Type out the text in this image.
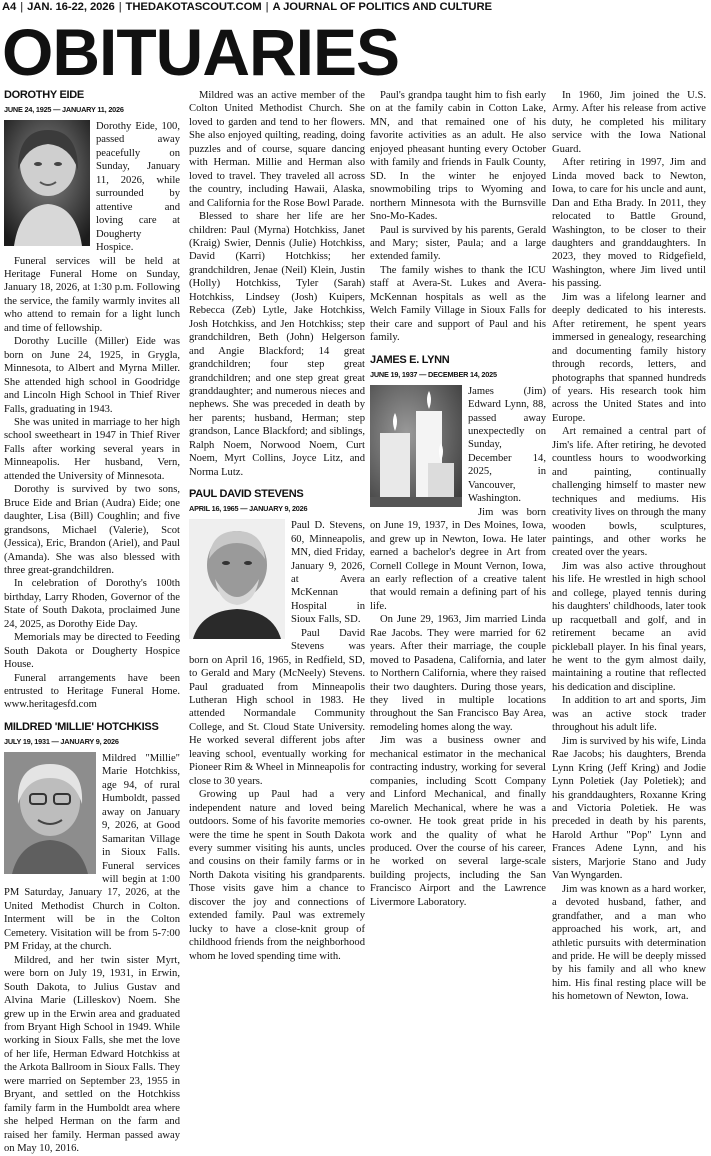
A4 | JAN. 16-22, 2026 | THEDAKOTASCOUT.COM | A JOURNAL OF POLITICS AND CULTURE
OBITUARIES
DOROTHY EIDE
JUNE 24, 1925 — JANUARY 11, 2026

Dorothy Eide, 100, passed away peacefully on Sunday, January 11, 2026, while surrounded by attentive and loving care at Dougherty Hospice.

Funeral services will be held at Heritage Funeral Home on Sunday, January 18, 2026, at 1:30 p.m. Following the service, the family warmly invites all who attend to remain for a light lunch and time of fellowship.

Dorothy Lucille (Miller) Eide was born on June 24, 1925, in Grygla, Minnesota, to Albert and Myrna Miller. She attended high school in Goodridge and Lincoln High School in Thief River Falls, graduating in 1943.

She was united in marriage to her high school sweetheart in 1947 in Thief River Falls after working several years in Minneapolis. Her husband, Vern, attended the University of Minnesota.

Dorothy is survived by two sons, Bruce Eide and Brian (Audra) Eide; one daughter, Lisa (Bill) Coughlin; and five grandsons, Michael (Valerie), Scot (Jessica), Eric, Brandon (Ariel), and Paul (Amanda). She was also blessed with three great-grandchildren.

In celebration of Dorothy's 100th birthday, Larry Rhoden, Governor of the State of South Dakota, proclaimed June 24, 2025, as Dorothy Eide Day.

Memorials may be directed to Feeding South Dakota or Dougherty Hospice House.

Funeral arrangements have been entrusted to Heritage Funeral Home. www.heritagesfd.com

MILDRED 'MILLIE' HOTCHKISS
JULY 19, 1931 — JANUARY 9, 2026

Mildred "Millie" Marie Hotchkiss, age 94, of rural Humboldt, passed away on January 9, 2026, at Good Samaritan Village in Sioux Falls. Funeral services will begin at 1:00 PM Saturday, January 17, 2026, at the United Methodist Church in Colton. Interment will be in the Colton Cemetery. Visitation will be from 5-7:00 PM Friday, at the church.

Mildred, and her twin sister Myrt, were born on July 19, 1931, in Erwin, South Dakota, to Julius Gustav and Alvina Marie (Lilleskov) Noem. She grew up in the Erwin area and graduated from Bryant High School in 1949. While working in Sioux Falls, she met the love of her life, Herman Edward Hotchkiss at the Arkota Ballroom in Sioux Falls. They were married on September 23, 1955 in Bryant, and settled on the Hotchkiss family farm in the Humboldt area where she helped Herman on the farm and raised her family. Herman passed away on May 10, 2016.

Mildred was an active member of the Colton United Methodist Church. She loved to garden and tend to her flowers. She also enjoyed quilting, reading, doing puzzles and of course, square dancing with Herman. Millie and Herman also loved to travel. They traveled all across the country, including Hawaii, Alaska, and California for the Rose Bowl Parade.

Blessed to share her life are her children: Paul (Myrna) Hotchkiss, Janet (Kraig) Swier, Dennis (Julie) Hotchkiss, David (Karri) Hotchkiss; her grandchildren, Jenae (Neil) Klein, Justin (Holly) Hotchkiss, Tyler (Sarah) Hotchkiss, Lindsey (Josh) Kuipers, Rebecca (Zeb) Lytle, Jake Hotchkiss, Josh Hotchkiss, and Jen Hotchkiss; step grandchildren, Beth (John) Helgerson and Angie Blackford; 14 great grandchildren; four step great grandchildren; and one step great great granddaughter; and numerous nieces and nephews. She was preceded in death by her parents; husband, Herman; step grandson, Lance Blackford; and siblings, Ralph Noem, Norwood Noem, Curt Noem, Myrt Collins, Joyce Litz, and Norma Lutz.

PAUL DAVID STEVENS
APRIL 16, 1965 — JANUARY 9, 2026

Paul D. Stevens, 60, Minneapolis, MN, died Friday, January 9, 2026, at Avera McKennan Hospital in Sioux Falls, SD.

Paul David Stevens was born on April 16, 1965, in Redfield, SD, to Gerald and Mary (McNeely) Stevens. Paul graduated from Minneapolis Lutheran High school in 1983. He attended Normandale Community College, and St. Cloud State University. He worked several different jobs after leaving school, eventually working for Pioneer Rim & Wheel in Minneapolis for close to 30 years.

Growing up Paul had a very independent nature and loved being outdoors. Some of his favorite memories were the time he spent in South Dakota every summer visiting his aunts, uncles and cousins on their family farms or in North Dakota visiting his grandparents. Those visits gave him a chance to discover the joy and connections of extended family. Paul was extremely lucky to have a close-knit group of childhood friends from the neighborhood whom he loved spending time with.

Paul's grandpa taught him to fish early on at the family cabin in Cotton Lake, MN, and that remained one of his favorite activities as an adult. He also enjoyed pheasant hunting every October with family and friends in Faulk County, SD. In the winter he enjoyed snowmobiling trips to Wyoming and northern Minnesota with the Burnsville Sno-Mo-Kades.

Paul is survived by his parents, Gerald and Mary; sister, Paula; and a large extended family.

The family wishes to thank the ICU staff at Avera-St. Lukes and Avera-McKennan hospitals as well as the Welch Family Village in Sioux Falls for their care and support of Paul and his family.

JAMES E. LYNN
JUNE 19, 1937 — DECEMBER 14, 2025

James (Jim) Edward Lynn, 88, passed away unexpectedly on Sunday, December 14, 2025, in Vancouver, Washington.

Jim was born on June 19, 1937, in Des Moines, Iowa, and grew up in Newton, Iowa. He later earned a bachelor's degree in Art from Cornell College in Mount Vernon, Iowa, an early reflection of a creative talent that would remain a defining part of his life.

On June 29, 1963, Jim married Linda Rae Jacobs. They were married for 62 years. After their marriage, the couple moved to Pasadena, California, and later to Northern California, where they raised their two daughters. During those years, they lived in multiple locations throughout the San Francisco Bay Area, remodeling homes along the way.

Jim was a business owner and mechanical estimator in the mechanical contracting industry, working for several companies, including Scott Company and Linford Mechanical, and finally Marelich Mechanical, where he was a co-owner. He took great pride in his work and the quality of what he produced. Over the course of his career, he worked on several large-scale building projects, including the San Francisco Airport and the Lawrence Livermore Laboratory.

In 1960, Jim joined the U.S. Army. After his release from active duty, he completed his military service with the Iowa National Guard.

After retiring in 1997, Jim and Linda moved back to Newton, Iowa, to care for his uncle and aunt, Dan and Etha Brady. In 2011, they relocated to Battle Ground, Washington, to be closer to their daughters and granddaughters. In 2023, they moved to Ridgefield, Washington, where Jim lived until his passing.

Jim was a lifelong learner and deeply dedicated to his interests. After retirement, he spent years immersed in genealogy, researching and documenting family history through records, letters, and photographs that spanned hundreds of years. His research took him across the United States and into Europe.

Art remained a central part of Jim's life. After retiring, he devoted countless hours to woodworking and painting, continually challenging himself to master new techniques and mediums. His creativity lives on through the many wooden bowls, sculptures, paintings, and other works he created over the years.

Jim was also active throughout his life. He wrestled in high school and college, played tennis during his daughters' childhoods, later took up racquetball and golf, and in retirement became an avid pickleball player. In his final years, he went to the gym almost daily, maintaining a routine that reflected his dedication and discipline.

In addition to art and sports, Jim was an active stock trader throughout his adult life.

Jim is survived by his wife, Linda Rae Jacobs; his daughters, Brenda Lynn Kring (Jeff Kring) and Jodie Lynn Poletiek (Jay Poletiek); and his granddaughters, Roxanne Kring and Victoria Poletiek. He was preceded in death by his parents, Harold Arthur "Pop" Lynn and Frances Adene Lynn, and his sisters, Marjorie Stano and Judy Van Wyngarden.

Jim was known as a hard worker, a devoted husband, father, and grandfather, and a man who approached his work, art, and athletic pursuits with determination and pride. He will be deeply missed by his family and all who knew him. His final resting place will be his hometown of Newton, Iowa.
